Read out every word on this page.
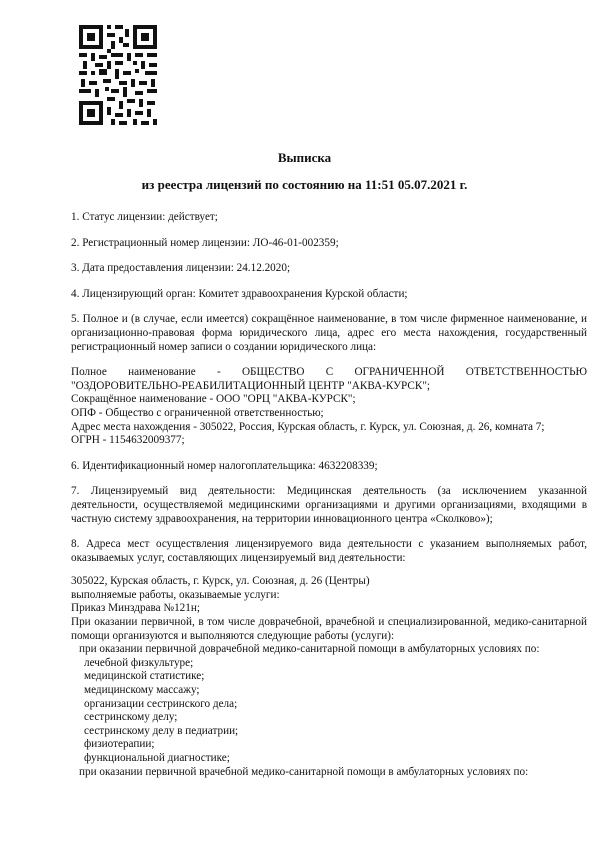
Выписка
из реестра лицензий по состоянию на 11:51 05.07.2021 г.

1. Статус лицензии: действует;

2. Регистрационный номер лицензии: ЛО-46-01-002359;

3. Дата предоставления лицензии: 24.12.2020;

4. Лицензирующий орган: Комитет здравоохранения Курской области;

5. Полное и (в случае, если имеется) сокращённое наименование, в том числе фирменное наименование, и организационно-правовая форма юридического лица, адрес его места нахождения, государственный регистрационный номер записи о создании юридического лица:

Полное наименование - ОБЩЕСТВО С ОГРАНИЧЕННОЙ ОТВЕТСТВЕННОСТЬЮ "ОЗДОРОВИТЕЛЬНО-РЕАБИЛИТАЦИОННЫЙ ЦЕНТР "АКВА-КУРСК";

Сокращённое наименование - ООО "ОРЦ "АКВА-КУРСК";

ОПФ - Общество с ограниченной ответственностью;

Адрес места нахождения - 305022, Россия, Курская область, г. Курск, ул. Союзная, д. 26, комната 7;

ОГРН - 1154632009377;

6. Идентификационный номер налогоплательщика: 4632208339;

7. Лицензируемый вид деятельности: Медицинская деятельность (за исключением указанной деятельности, осуществляемой медицинскими организациями и другими организациями, входящими в частную систему здравоохранения, на территории инновационного центра «Сколково»);

8. Адреса мест осуществления лицензируемого вида деятельности с указанием выполняемых работ, оказываемых услуг, составляющих лицензируемый вид деятельности:

305022, Курская область, г. Курск, ул. Союзная, д. 26 (Центры)

выполняемые работы, оказываемые услуги:

Приказ Минздрава №121н;

При оказании первичной, в том числе доврачебной, врачебной и специализированной, медико-санитарной помощи организуются и выполняются следующие работы (услуги):

при оказании первичной доврачебной медико-санитарной помощи в амбулаторных условиях по:

лечебной физкультуре;

медицинской статистике;

медицинскому массажу;

организации сестринского дела;

сестринскому делу;

сестринскому делу в педиатрии;

физиотерапии;

функциональной диагностике;

при оказании первичной врачебной медико-санитарной помощи в амбулаторных условиях по:
